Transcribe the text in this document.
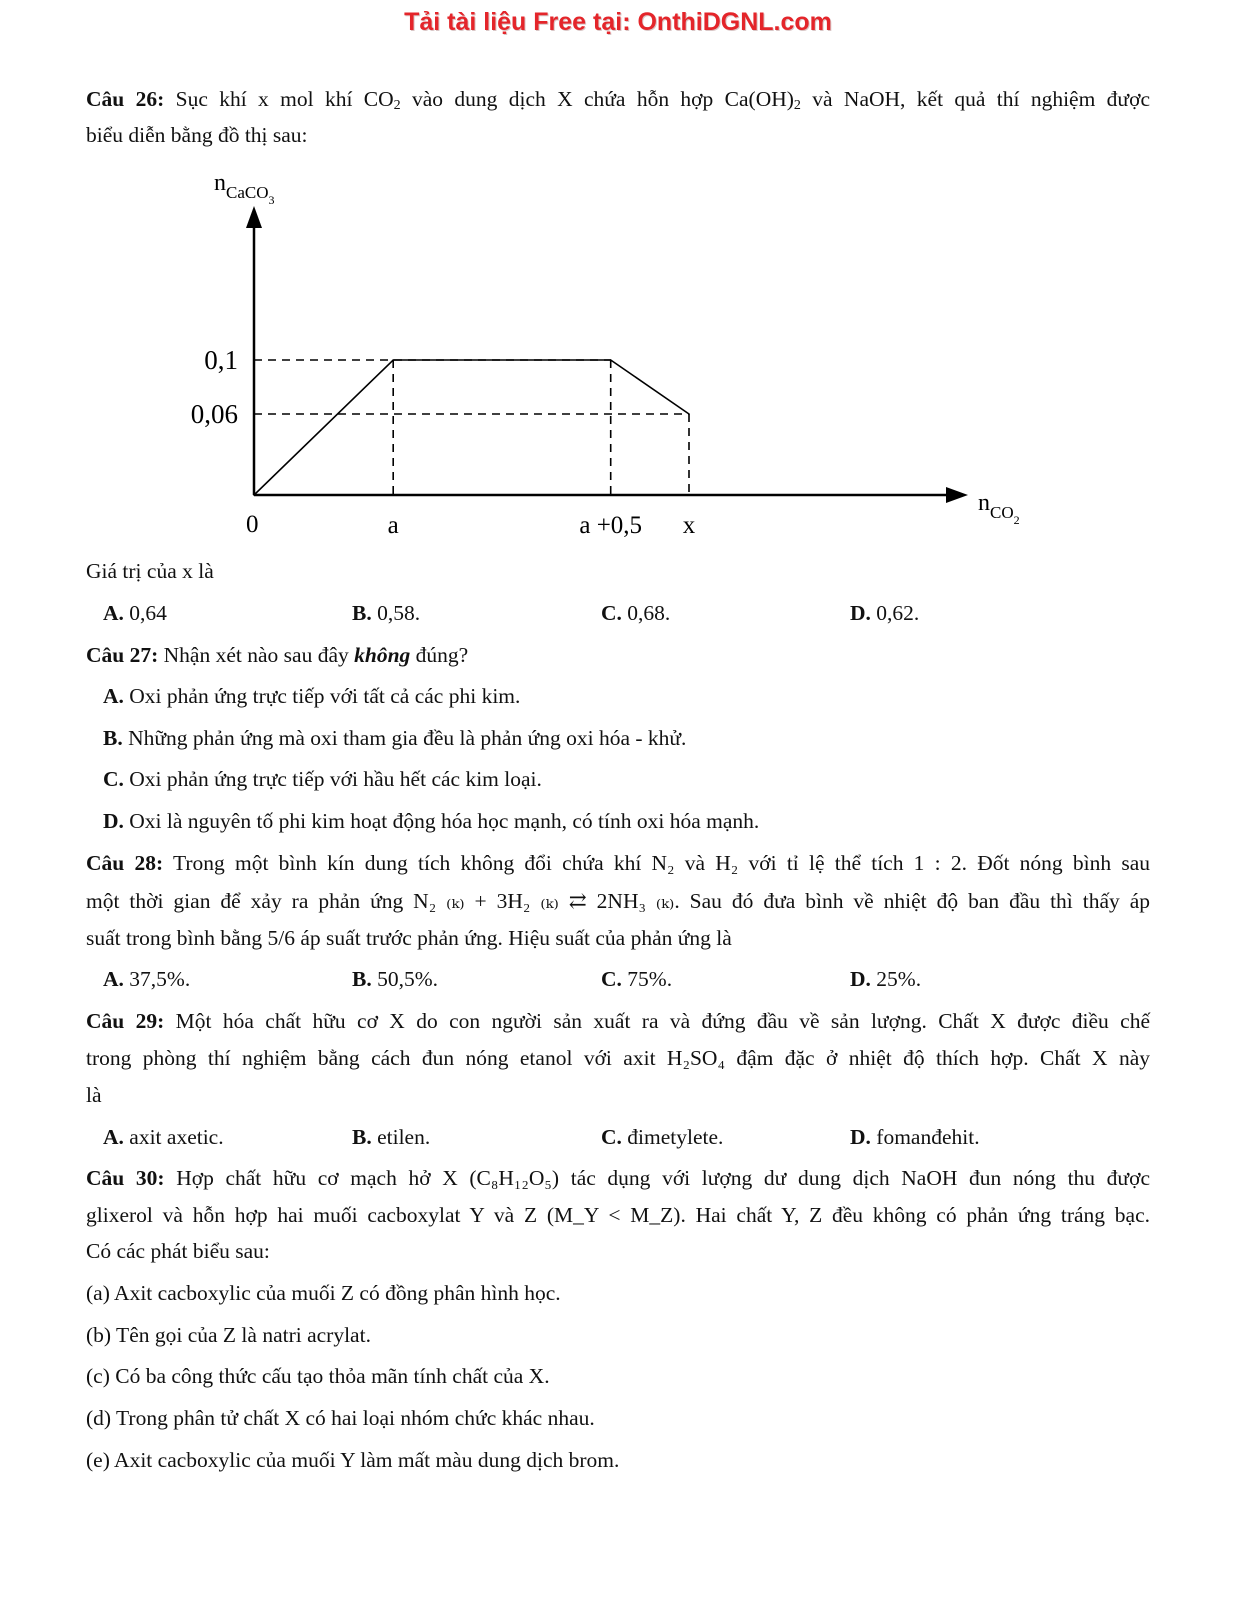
Tải tài liệu Free tại: OnthiDGNL.com
Câu 26: Sục khí x mol khí $CO_2$ vào dung dịch X chứa hỗn hợp $Ca(OH)_2$ và NaOH, kết quả thí nghiệm được
biểu diễn bằng đồ thị sau:
$n_{CaCO3}$
$n_{CO2}$
0
0,1
0,06
a	a +0,5 x
Giá trị của x là
A. 0,64	B. 0,58.	C. 0,68.	D. 0,62.
Câu 27: Nhận xét nào sau đây không đúng?
A. Oxi phản ứng trực tiếp với tất cả các phi kim.
B. Những phản ứng mà oxi tham gia đều là phản ứng oxi hóa - khử.
C. Oxi phản ứng trực tiếp với hầu hết các kim loại.
D. Oxi là nguyên tố phi kim hoạt động hóa học mạnh, có tính oxi hóa mạnh.
Câu 28: Trong một bình kín dung tích không đổi chứa khí N₂ và H₂ với tỉ lệ thể tích 1 : 2. Đốt nóng bình sau
một thời gian để xảy ra phản ứng N₂ ₍ₖ₎ + 3H₂ ₍ₖ₎ ⇄ 2NH₃ ₍ₖ₎. Sau đó đưa bình về nhiệt độ ban đầu thì thấy áp
suất trong bình bằng 5/6 áp suất trước phản ứng. Hiệu suất của phản ứng là
A. 37,5%.	B. 50,5%.	C. 75%.	D. 25%.
Câu 29: Một hóa chất hữu cơ X do con người sản xuất ra và đứng đầu về sản lượng. Chất X được điều chế
trong phòng thí nghiệm bằng cách đun nóng etanol với axit H₂SO₄ đậm đặc ở nhiệt độ thích hợp. Chất X này
là
A. axit axetic.	B. etilen.	C. đimetylete.	D. fomanđehit.
Câu 30: Hợp chất hữu cơ mạch hở X (C₈H₁₂O₅) tác dụng với lượng dư dung dịch NaOH đun nóng thu được
glixerol và hỗn hợp hai muối cacboxylat Y và Z (M_Y < M_Z). Hai chất Y, Z đều không có phản ứng tráng bạc.
Có các phát biểu sau:
(a) Axit cacboxylic của muối Z có đồng phân hình học.
(b) Tên gọi của Z là natri acrylat.
(c) Có ba công thức cấu tạo thỏa mãn tính chất của X.
(d) Trong phân tử chất X có hai loại nhóm chức khác nhau.
(e) Axit cacboxylic của muối Y làm mất màu dung dịch brom.
